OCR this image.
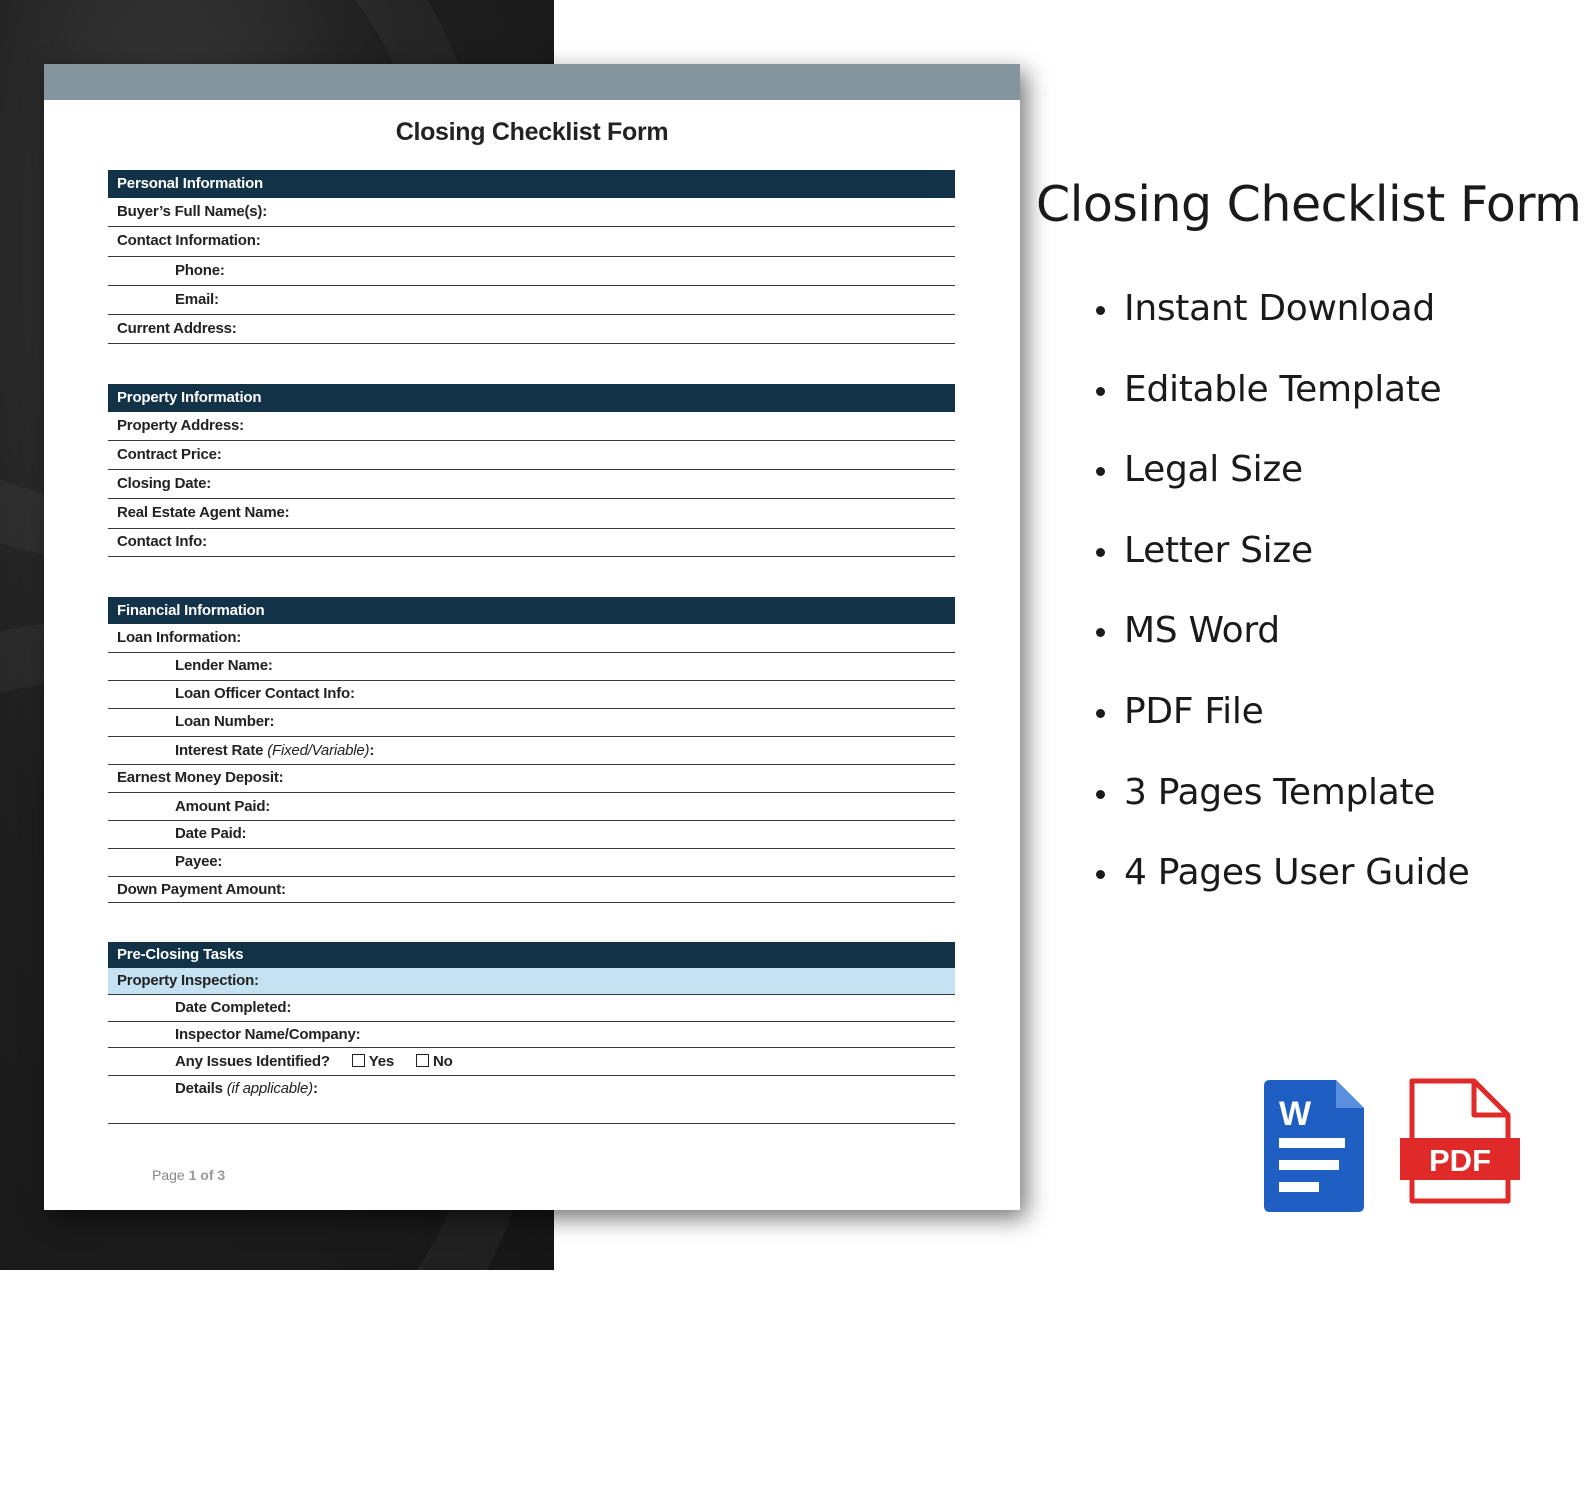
Closing Checklist Form
Personal Information
Buyer’s Full Name(s):
Contact Information:
Phone:
Email:
Current Address:
Property Information
Property Address:
Contract Price:
Closing Date:
Real Estate Agent Name:
Contact Info:
Financial Information
Loan Information:
Lender Name:
Loan Officer Contact Info:
Loan Number:
Interest Rate (Fixed/Variable):
Earnest Money Deposit:
Amount Paid:
Date Paid:
Payee:
Down Payment Amount:
Pre-Closing Tasks
Property Inspection:
Date Completed:
Inspector Name/Company:
Any Issues Identified?	Yes	No
Details (if applicable):
Page 1 of 3
Closing Checklist Form
Instant Download
Editable Template
Legal Size
Letter Size
MS Word
PDF File
3 Pages Template
4 Pages User Guide
W
PDF
